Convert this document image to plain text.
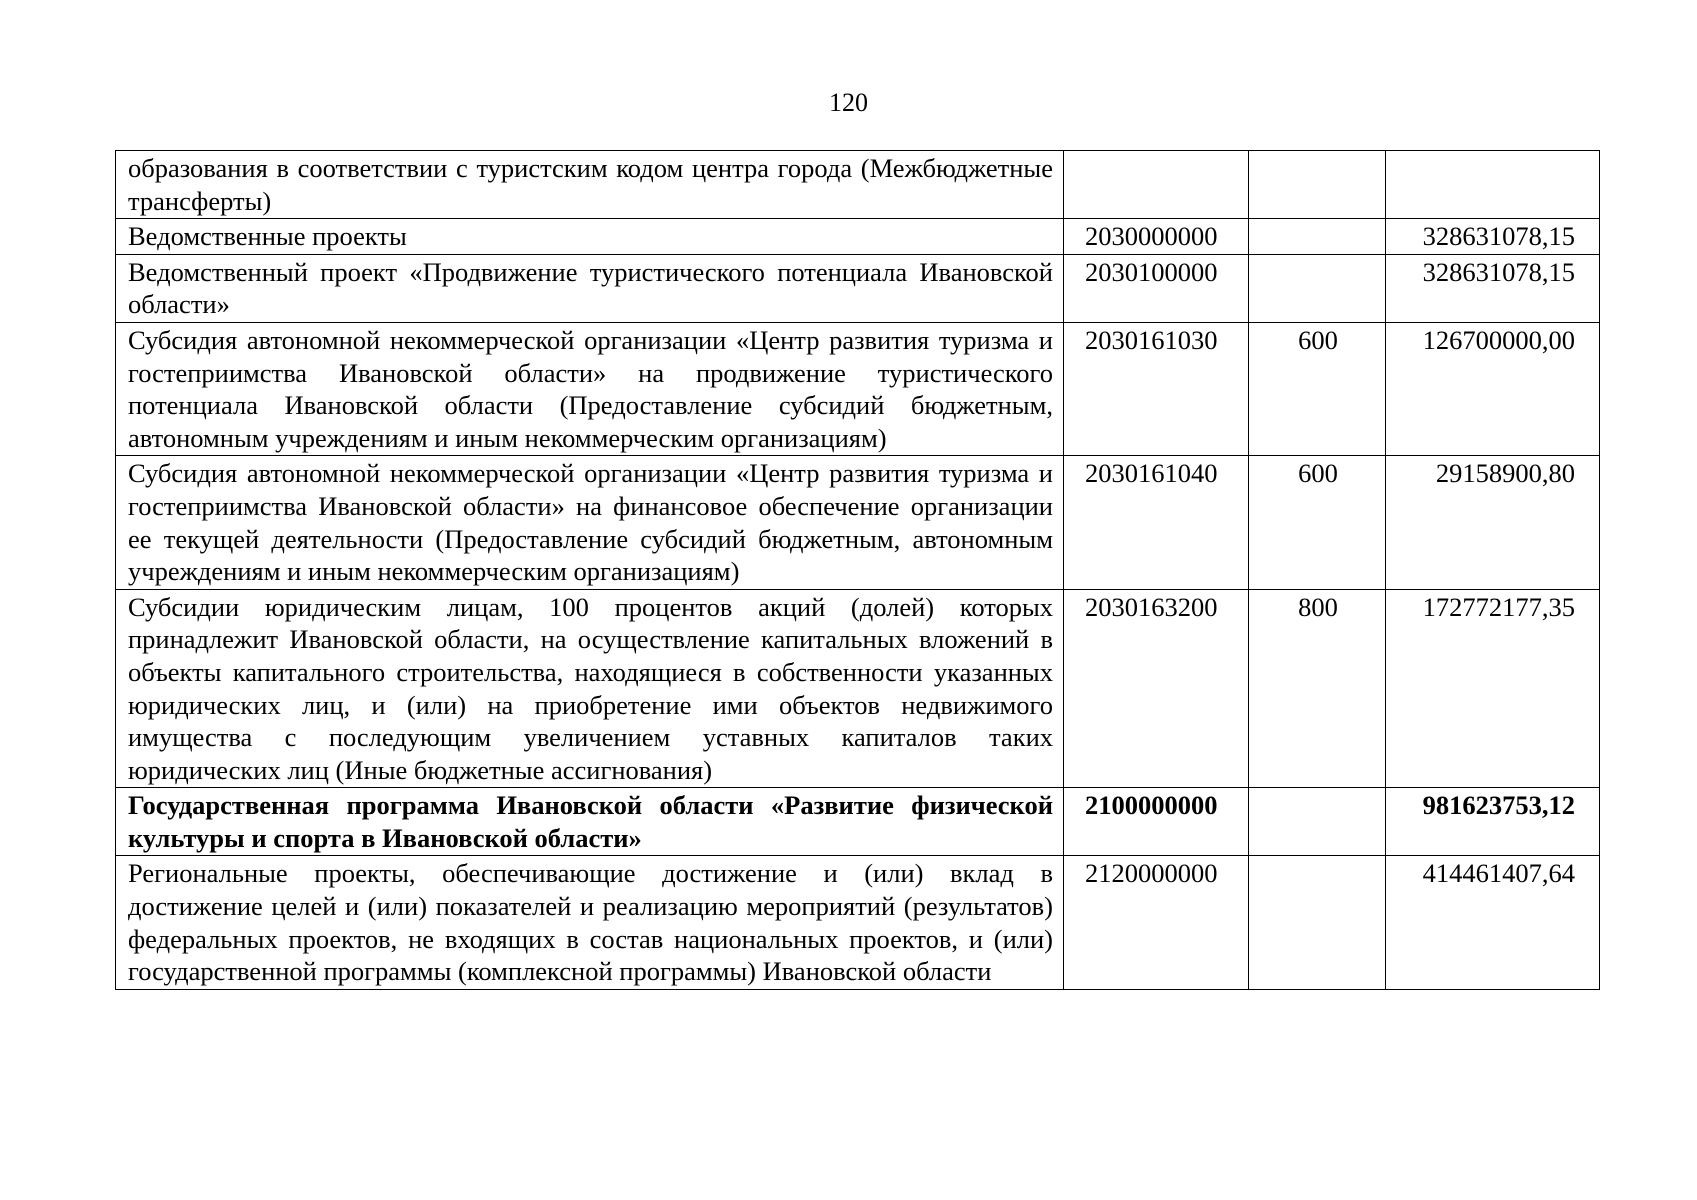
120
образования в соответствии с туристским кодом центра города (Межбюджетные трансферты)			
Ведомственные проекты	2030000000		328631078,15
Ведомственный проект «Продвижение туристического потенциала Ивановской области»	2030100000		328631078,15
Субсидия автономной некоммерческой организации «Центр развития туризма и гостеприимства Ивановской области» на продвижение туристического потенциала Ивановской области (Предоставление субсидий бюджетным, автономным учреждениям и иным некоммерческим организациям)	2030161030	600	126700000,00
Субсидия автономной некоммерческой организации «Центр развития туризма и гостеприимства Ивановской области» на финансовое обеспечение организации ее текущей деятельности (Предоставление субсидий бюджетным, автономным учреждениям и иным некоммерческим организациям)	2030161040	600	29158900,80
Субсидии юридическим лицам, 100 процентов акций (долей) которых принадлежит Ивановской области, на осуществление капитальных вложений в объекты капитального строительства, находящиеся в собственности указанных юридических лиц, и (или) на приобретение ими объектов недвижимого имущества с последующим увеличением уставных капиталов таких юридических лиц (Иные бюджетные ассигнования)	2030163200	800	172772177,35
Государственная программа Ивановской области «Развитие физической культуры и спорта в Ивановской области»	2100000000		981623753,12
Региональные проекты, обеспечивающие достижение и (или) вклад в достижение целей и (или) показателей и реализацию мероприятий (результатов) федеральных проектов, не входящих в состав национальных проектов, и (или) государственной программы (комплексной программы) Ивановской области	2120000000		414461407,64
